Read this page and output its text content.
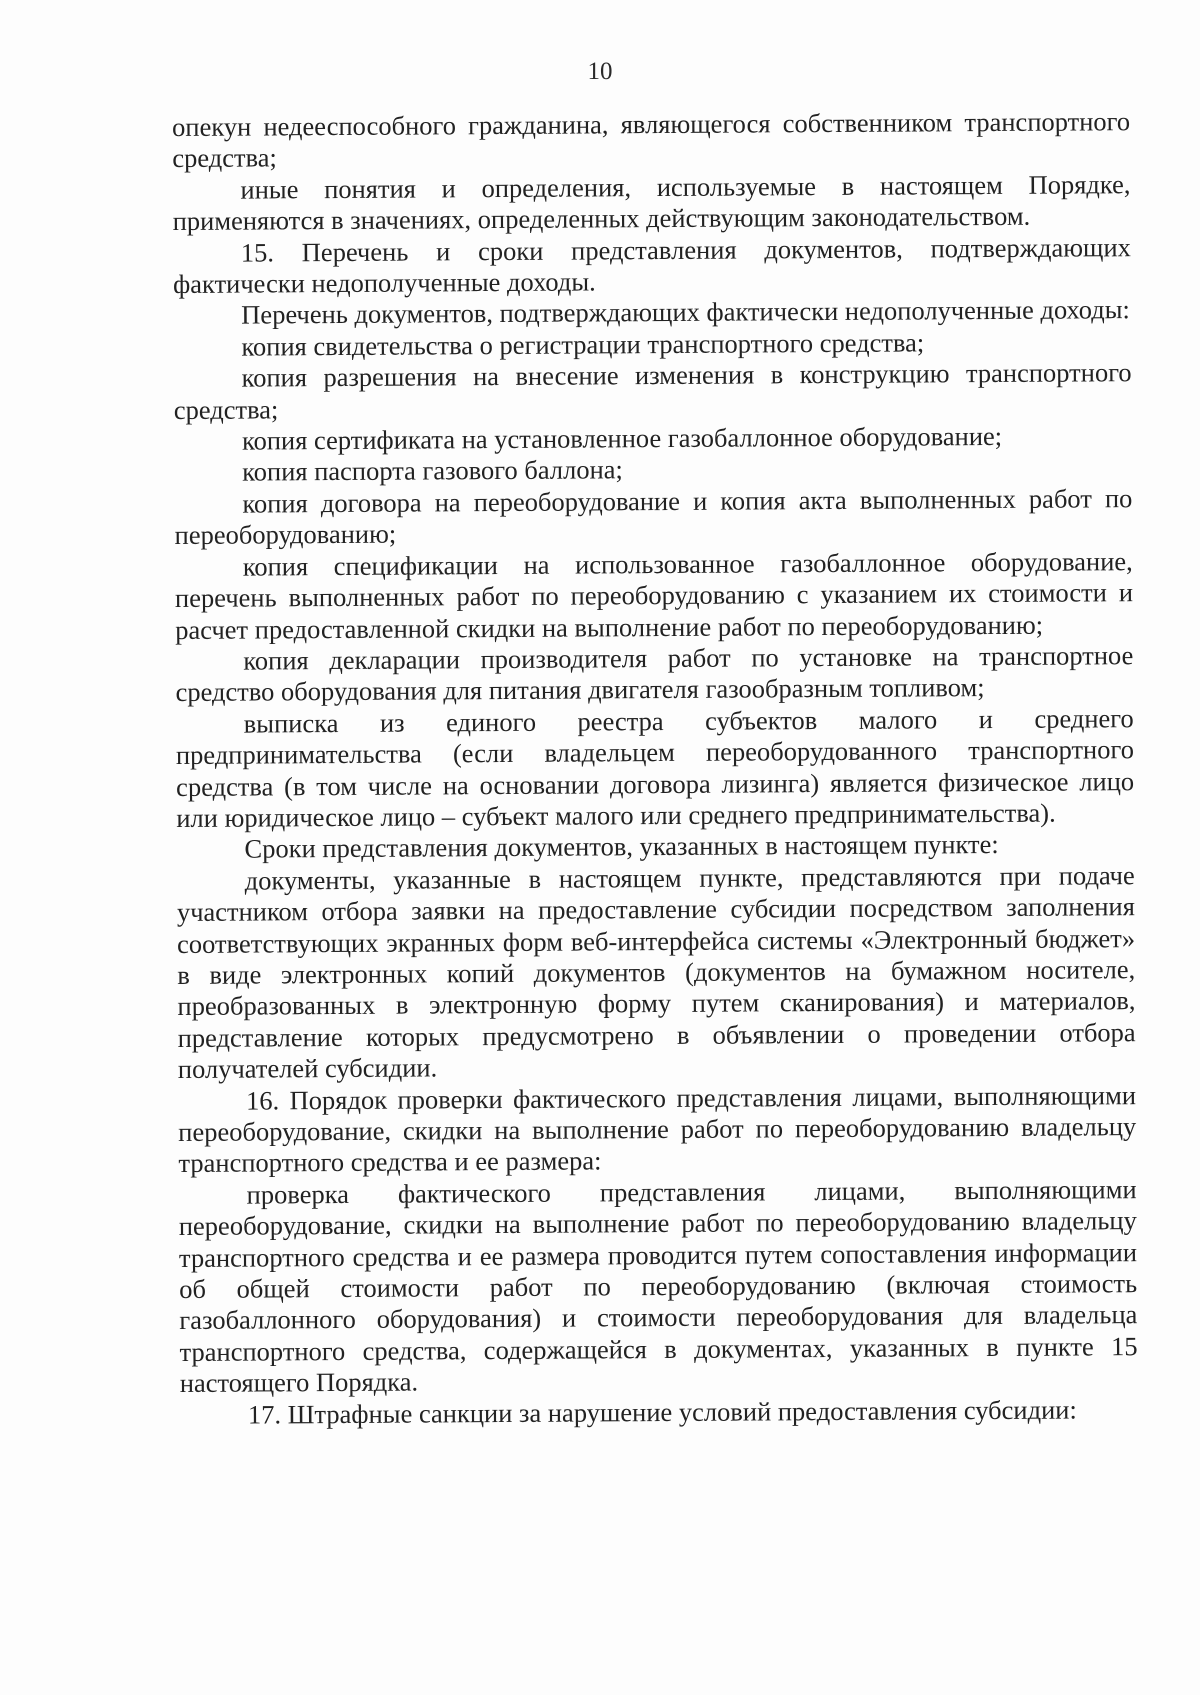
10

опекун недееспособного гражданина, являющегося собственником транспортного средства;

иные понятия и определения, используемые в настоящем Порядке, применяются в значениях, определенных действующим законодательством.

15. Перечень и сроки представления документов, подтверждающих фактически недополученные доходы.

Перечень документов, подтверждающих фактически недополученные доходы:

копия свидетельства о регистрации транспортного средства;

копия разрешения на внесение изменения в конструкцию транспортного средства;

копия сертификата на установленное газобаллонное оборудование;

копия паспорта газового баллона;

копия договора на переоборудование и копия акта выполненных работ по переоборудованию;

копия спецификации на использованное газобаллонное оборудование, перечень выполненных работ по переоборудованию с указанием их стоимости и расчет предоставленной скидки на выполнение работ по переоборудованию;

копия декларации производителя работ по установке на транспортное средство оборудования для питания двигателя газообразным топливом;

выписка из единого реестра субъектов малого и среднего предпринимательства (если владельцем переоборудованного транспортного средства (в том числе на основании договора лизинга) является физическое лицо или юридическое лицо – субъект малого или среднего предпринимательства).

Сроки представления документов, указанных в настоящем пункте:

документы, указанные в настоящем пункте, представляются при подаче участником отбора заявки на предоставление субсидии посредством заполнения соответствующих экранных форм веб-интерфейса системы «Электронный бюджет» в виде электронных копий документов (документов на бумажном носителе, преобразованных в электронную форму путем сканирования) и материалов, представление которых предусмотрено в объявлении о проведении отбора получателей субсидии.

16. Порядок проверки фактического представления лицами, выполняющими переоборудование, скидки на выполнение работ по переоборудованию владельцу транспортного средства и ее размера:

проверка фактического представления лицами, выполняющими переоборудование, скидки на выполнение работ по переоборудованию владельцу транспортного средства и ее размера проводится путем сопоставления информации об общей стоимости работ по переоборудованию (включая стоимость газобаллонного оборудования) и стоимости переоборудования для владельца транспортного средства, содержащейся в документах, указанных в пункте 15 настоящего Порядка.

17. Штрафные санкции за нарушение условий предоставления субсидии:
